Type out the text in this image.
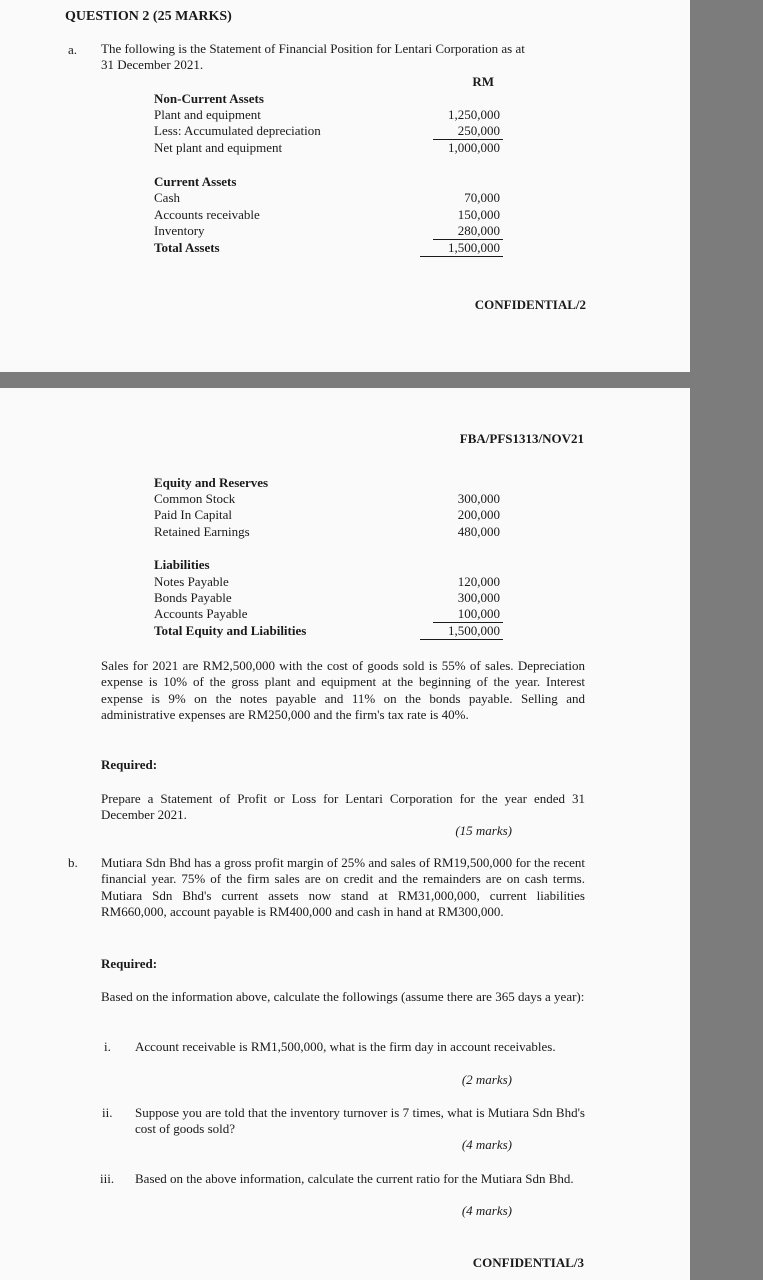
QUESTION 2 (25 MARKS)
a. The following is the Statement of Financial Position for Lentari Corporation as at
31 December 2021.
RM
Non-Current Assets
Plant and equipment	1,250,000
Less: Accumulated depreciation	250,000
Net plant and equipment	1,000,000
Current Assets
Cash	70,000
Accounts receivable	150,000
Inventory	280,000
Total Assets	1,500,000
CONFIDENTIAL/2
FBA/PFS1313/NOV21
Equity and Reserves
Common Stock	300,000
Paid In Capital	200,000
Retained Earnings	480,000
Liabilities
Notes Payable	120,000
Bonds Payable	300,000
Accounts Payable	100,000
Total Equity and Liabilities	1,500,000
Sales for 2021 are RM2,500,000 with the cost of goods sold is 55% of sales. Depreciation expense is 10% of the gross plant and equipment at the beginning of the year. Interest expense is 9% on the notes payable and 11% on the bonds payable. Selling and administrative expenses are RM250,000 and the firm's tax rate is 40%.
Required:
Prepare a Statement of Profit or Loss for Lentari Corporation for the year ended 31 December 2021.
(15 marks)
b. Mutiara Sdn Bhd has a gross profit margin of 25% and sales of RM19,500,000 for the recent financial year. 75% of the firm sales are on credit and the remainders are on cash terms. Mutiara Sdn Bhd's current assets now stand at RM31,000,000, current liabilities RM660,000, account payable is RM400,000 and cash in hand at RM300,000.
Required:
Based on the information above, calculate the followings (assume there are 365 days a year):
i. Account receivable is RM1,500,000, what is the firm day in account receivables.
(2 marks)
ii. Suppose you are told that the inventory turnover is 7 times, what is Mutiara Sdn Bhd's cost of goods sold?
(4 marks)
iii. Based on the above information, calculate the current ratio for the Mutiara Sdn Bhd.
(4 marks)
CONFIDENTIAL/3
